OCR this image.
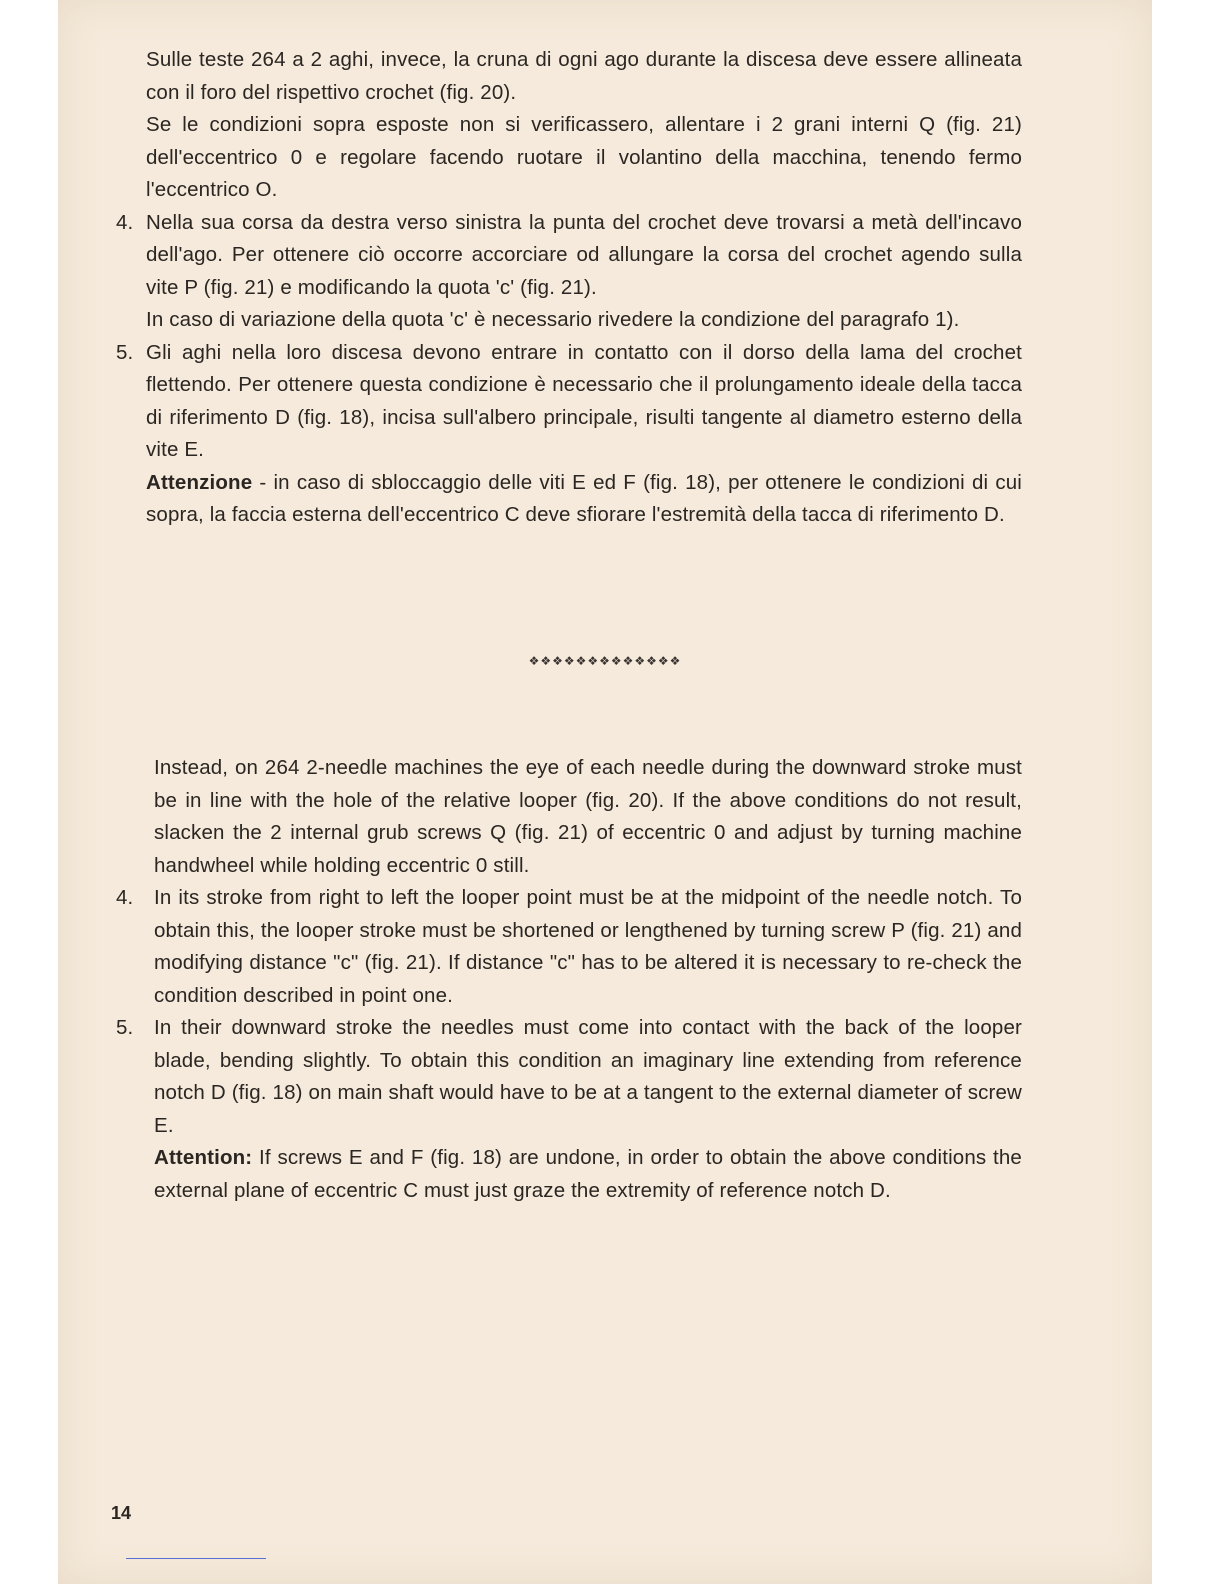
Sulle teste 264 a 2 aghi, invece, la cruna di ogni ago durante la discesa deve essere allineata con il foro del rispettivo crochet (fig. 20).

Se le condizioni sopra esposte non si verificassero, allentare i 2 grani interni Q (fig. 21) dell'eccentrico 0 e regolare facendo ruotare il volantino della macchina, tenendo fermo l'eccentrico O.

4. Nella sua corsa da destra verso sinistra la punta del crochet deve trovarsi a metà dell'incavo dell'ago. Per ottenere ciò occorre accorciare od allungare la corsa del crochet agendo sulla vite P (fig. 21) e modificando la quota 'c' (fig. 21).

In caso di variazione della quota 'c' è necessario rivedere la condizione del paragrafo 1).

5. Gli aghi nella loro discesa devono entrare in contatto con il dorso della lama del crochet flettendo. Per ottenere questa condizione è necessario che il prolungamento ideale della tacca di riferimento D (fig. 18), incisa sull'albero principale, risulti tangente al diametro esterno della vite E.

Attenzione - in caso di sbloccaggio delle viti E ed F (fig. 18), per ottenere le condizioni di cui sopra, la faccia esterna dell'eccentrico C deve sfiorare l'estremità della tacca di riferimento D.

❖❖❖❖❖❖❖❖❖❖❖❖❖

Instead, on 264 2-needle machines the eye of each needle during the downward stroke must be in line with the hole of the relative looper (fig. 20). If the above conditions do not result, slacken the 2 internal grub screws Q (fig. 21) of eccentric 0 and adjust by turning machine handwheel while holding eccentric 0 still.

4. In its stroke from right to left the looper point must be at the midpoint of the needle notch. To obtain this, the looper stroke must be shortened or lengthened by turning screw P (fig. 21) and modifying distance "c" (fig. 21). If distance "c" has to be altered it is necessary to re-check the condition described in point one.

5. In their downward stroke the needles must come into contact with the back of the looper blade, bending slightly. To obtain this condition an imaginary line extending from reference notch D (fig. 18) on main shaft would have to be at a tangent to the external diameter of screw E.

Attention: If screws E and F (fig. 18) are undone, in order to obtain the above conditions the external plane of eccentric C must just graze the extremity of reference notch D.

14
